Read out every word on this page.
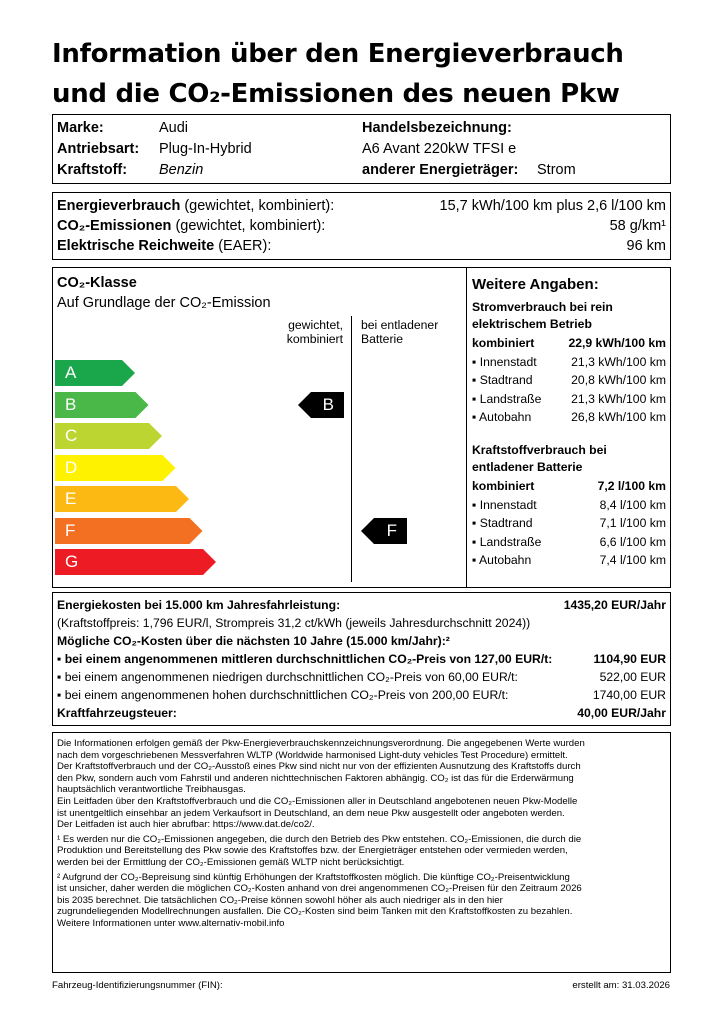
Information über den Energieverbrauch
und die CO₂-Emissionen des neuen Pkw
Marke:	Audi
Antriebsart: Plug-In-Hybrid
Kraftstoff: Benzin
Handelsbezeichnung:
A6 Avant 220kW TFSI e
anderer Energieträger: Strom
Energieverbrauch (gewichtet, kombiniert):	15,7 kWh/100 km plus 2,6 l/100 km
CO₂-Emissionen (gewichtet, kombiniert):	58 g/km¹
Elektrische Reichweite (EAER):	96 km
CO₂-Klasse
Auf Grundlage der CO₂-Emission
gewichtet,
kombiniert
bei entladener
Batterie
A
B
C
D
E
F
G
B
F
Weitere Angaben:
Stromverbrauch bei rein
elektrischem Betrieb
kombiniert	22,9 kWh/100 km
▪ Innenstadt	21,3 kWh/100 km
▪ Stadtrand	20,8 kWh/100 km
▪ Landstraße 21,3 kWh/100 km
▪ Autobahn	26,8 kWh/100 km
Kraftstoffverbrauch bei
entladener Batterie
kombiniert	7,2 l/100 km
▪ Innenstadt	8,4 l/100 km
▪ Stadtrand	7,1 l/100 km
▪ Landstraße	6,6 l/100 km
▪ Autobahn	7,4 l/100 km
Energiekosten bei 15.000 km Jahresfahrleistung:	1435,20 EUR/Jahr
(Kraftstoffpreis: 1,796 EUR/l, Strompreis 31,2 ct/kWh (jeweils Jahresdurchschnitt 2024))
Mögliche CO₂-Kosten über die nächsten 10 Jahre (15.000 km/Jahr):²
▪ bei einem angenommenen mittleren durchschnittlichen CO₂-Preis von 127,00 EUR/t:	1104,90 EUR
▪ bei einem angenommenen niedrigen durchschnittlichen CO₂-Preis von 60,00 EUR/t:	522,00 EUR
▪ bei einem angenommenen hohen durchschnittlichen CO₂-Preis von 200,00 EUR/t:	1740,00 EUR
Kraftfahrzeugsteuer:	40,00 EUR/Jahr
Die Informationen erfolgen gemäß der Pkw-Energieverbrauchskennzeichnungsverordnung. Die angegebenen Werte wurden
nach dem vorgeschriebenen Messverfahren WLTP (Worldwide harmonised Light-duty vehicles Test Procedure) ermittelt.
Der Kraftstoffverbrauch und der CO₂-Ausstoß eines Pkw sind nicht nur von der effizienten Ausnutzung des Kraftstoffs durch
den Pkw, sondern auch vom Fahrstil und anderen nichttechnischen Faktoren abhängig. CO₂ ist das für die Erderwärmung
hauptsächlich verantwortliche Treibhausgas.
Ein Leitfaden über den Kraftstoffverbrauch und die CO₂-Emissionen aller in Deutschland angebotenen neuen Pkw-Modelle
ist unentgeltlich einsehbar an jedem Verkaufsort in Deutschland, an dem neue Pkw ausgestellt oder angeboten werden.
Der Leitfaden ist auch hier abrufbar: https://www.dat.de/co2/.
¹ Es werden nur die CO₂-Emissionen angegeben, die durch den Betrieb des Pkw entstehen. CO₂-Emissionen, die durch die
Produktion und Bereitstellung des Pkw sowie des Kraftstoffes bzw. der Energieträger entstehen oder vermieden werden,
werden bei der Ermittlung der CO₂-Emissionen gemäß WLTP nicht berücksichtigt.
² Aufgrund der CO₂-Bepreisung sind künftig Erhöhungen der Kraftstoffkosten möglich. Die künftige CO₂-Preisentwicklung
ist unsicher, daher werden die möglichen CO₂-Kosten anhand von drei angenommenen CO₂-Preisen für den Zeitraum 2026
bis 2035 berechnet. Die tatsächlichen CO₂-Preise können sowohl höher als auch niedriger als in den hier
zugrundeliegenden Modellrechnungen ausfallen. Die CO₂-Kosten sind beim Tanken mit den Kraftstoffkosten zu bezahlen.
Weitere Informationen unter www.alternativ-mobil.info
Fahrzeug-Identifizierungsnummer (FIN):	erstellt am: 31.03.2026
